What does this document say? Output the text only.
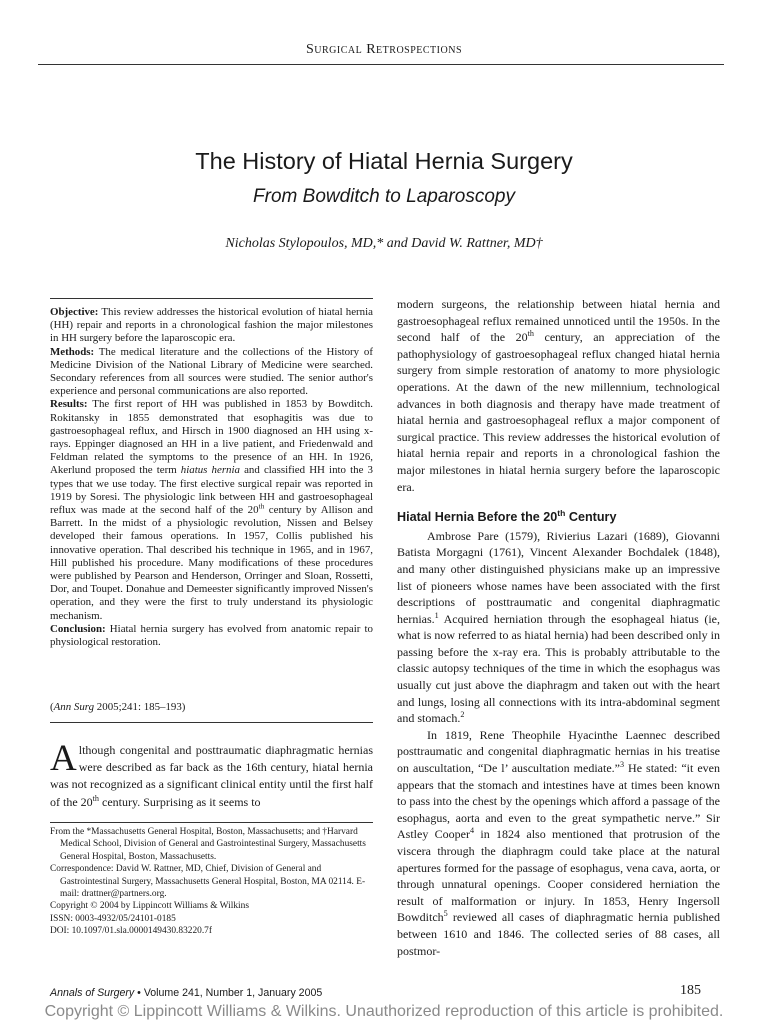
Surgical Retrospections
The History of Hiatal Hernia Surgery
From Bowditch to Laparoscopy
Nicholas Stylopoulos, MD,* and David W. Rattner, MD†

Objective: This review addresses the historical evolution of hiatal hernia (HH) repair and reports in a chronological fashion the major milestones in HH surgery before the laparoscopic era.

Methods: The medical literature and the collections of the History of Medicine Division of the National Library of Medicine were searched. Secondary references from all sources were studied. The senior author's experience and personal communications are also reported.

Results: The first report of HH was published in 1853 by Bowditch. Rokitansky in 1855 demonstrated that esophagitis was due to gastroesophageal reflux, and Hirsch in 1900 diagnosed an HH using x-rays. Eppinger diagnosed an HH in a live patient, and Friedenwald and Feldman related the symptoms to the presence of an HH. In 1926, Akerlund proposed the term hiatus hernia and classified HH into the 3 types that we use today. The first elective surgical repair was reported in 1919 by Soresi. The physiologic link between HH and gastroesophageal reflux was made at the second half of the 20th century by Allison and Barrett. In the midst of a physiologic revolution, Nissen and Belsey developed their famous operations. In 1957, Collis published his innovative operation. Thal described his technique in 1965, and in 1967, Hill published his procedure. Many modifications of these procedures were published by Pearson and Henderson, Orringer and Sloan, Rossetti, Dor, and Toupet. Donahue and Demeester significantly improved Nissen's operation, and they were the first to truly understand its physiologic mechanism.

Conclusion: Hiatal hernia surgery has evolved from anatomic repair to physiological restoration.

(Ann Surg 2005;241: 185–193)
Although congenital and posttraumatic diaphragmatic hernias were described as far back as the 16th century, hiatal hernia was not recognized as a significant clinical entity until the first half of the 20th century. Surprising as it seems to

From the *Massachusetts General Hospital, Boston, Massachusetts; and †Harvard Medical School, Division of General and Gastrointestinal Surgery, Massachusetts General Hospital, Boston, Massachusetts.

Correspondence: David W. Rattner, MD, Chief, Division of General and Gastrointestinal Surgery, Massachusetts General Hospital, Boston, MA 02114. E-mail: drattner@partners.org.

Copyright © 2004 by Lippincott Williams & Wilkins

ISSN: 0003-4932/05/24101-0185

DOI: 10.1097/01.sla.0000149430.83220.7f

modern surgeons, the relationship between hiatal hernia and gastroesophageal reflux remained unnoticed until the 1950s. In the second half of the 20th century, an appreciation of the pathophysiology of gastroesophageal reflux changed hiatal hernia surgery from simple restoration of anatomy to more physiologic operations. At the dawn of the new millennium, technological advances in both diagnosis and therapy have made treatment of hiatal hernia and gastroesophageal reflux a major component of surgical practice. This review addresses the historical evolution of hiatal hernia repair and reports in a chronological fashion the major milestones in hiatal hernia surgery before the laparoscopic era.

Hiatal Hernia Before the 20th Century

Ambrose Pare (1579), Rivierius Lazari (1689), Giovanni Batista Morgagni (1761), Vincent Alexander Bochdalek (1848), and many other distinguished physicians make up an impressive list of pioneers whose names have been associated with the first descriptions of posttraumatic and congenital diaphragmatic hernias.$^1$ Acquired herniation through the esophageal hiatus (ie, what is now referred to as hiatal hernia) had been described only in passing before the x-ray era. This is probably attributable to the classic autopsy techniques of the time in which the esophagus was usually cut just above the diaphragm and taken out with the heart and lungs, losing all connections with its intra-abdominal segment and stomach.$^2$

In 1819, Rene Theophile Hyacinthe Laennec described posttraumatic and congenital diaphragmatic hernias in his treatise on auscultation, “De l’ auscultation mediate.”$^3$ He stated: “it even appears that the stomach and intestines have at times been known to pass into the chest by the openings which afford a passage of the esophagus, aorta and even to the great sympathetic nerve.” Sir Astley Cooper$^4$ in 1824 also mentioned that protrusion of the viscera through the diaphragm could take place at the natural apertures formed for the passage of esophagus, vena cava, aorta, or through unnatural openings. Cooper considered herniation the result of malformation or injury. In 1853, Henry Ingersoll Bowditch$^5$ reviewed all cases of diaphragmatic hernia published between 1610 and 1846. The collected series of 88 cases, all postmor-

Annals of Surgery • Volume 241, Number 1, January 2005	185
Copyright © Lippincott Williams & Wilkins. Unauthorized reproduction of this article is prohibited.
